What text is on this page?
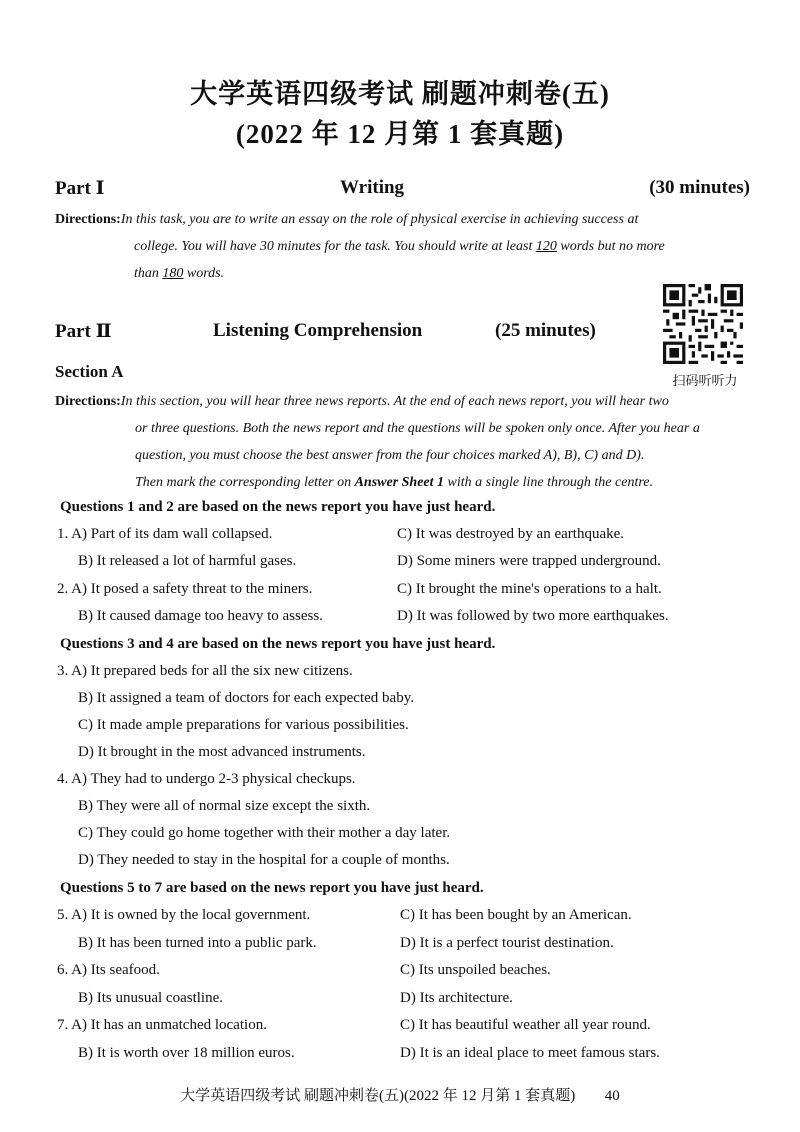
大学英语四级考试 刷题冲刺卷(五)
(2022 年 12 月第 1 套真题)
Part Ⅰ	Writing	(30 minutes)
Directions:In this task, you are to write an essay on the role of physical exercise in achieving success at
college. You will have 30 minutes for the task. You should write at least 120 words but no more
than 180 words.
Part Ⅱ	Listening Comprehension	(25 minutes)
扫码听听力
Section A
Directions:In this section, you will hear three news reports. At the end of each news report, you will hear two
or three questions. Both the news report and the questions will be spoken only once. After you hear a
question, you must choose the best answer from the four choices marked A), B), C) and D).
Then mark the corresponding letter on Answer Sheet 1 with a single line through the centre.
Questions 1 and 2 are based on the news report you have just heard.
1. A) Part of its dam wall collapsed.	C) It was destroyed by an earthquake.
B) It released a lot of harmful gases.	D) Some miners were trapped underground.
2. A) It posed a safety threat to the miners.	C) It brought the mine's operations to a halt.
B) It caused damage too heavy to assess.	D) It was followed by two more earthquakes.
Questions 3 and 4 are based on the news report you have just heard.
3. A) It prepared beds for all the six new citizens.
B) It assigned a team of doctors for each expected baby.
C) It made ample preparations for various possibilities.
D) It brought in the most advanced instruments.
4. A) They had to undergo 2-3 physical checkups.
B) They were all of normal size except the sixth.
C) They could go home together with their mother a day later.
D) They needed to stay in the hospital for a couple of months.
Questions 5 to 7 are based on the news report you have just heard.
5. A) It is owned by the local government.	C) It has been bought by an American.
B) It has been turned into a public park.	D) It is a perfect tourist destination.
6. A) Its seafood.	C) Its unspoiled beaches.
B) Its unusual coastline.	D) Its architecture.
7. A) It has an unmatched location.	C) It has beautiful weather all year round.
B) It is worth over 18 million euros.	D) It is an ideal place to meet famous stars.
大学英语四级考试 刷题冲刺卷(五)(2022 年 12 月第 1 套真题) 40
